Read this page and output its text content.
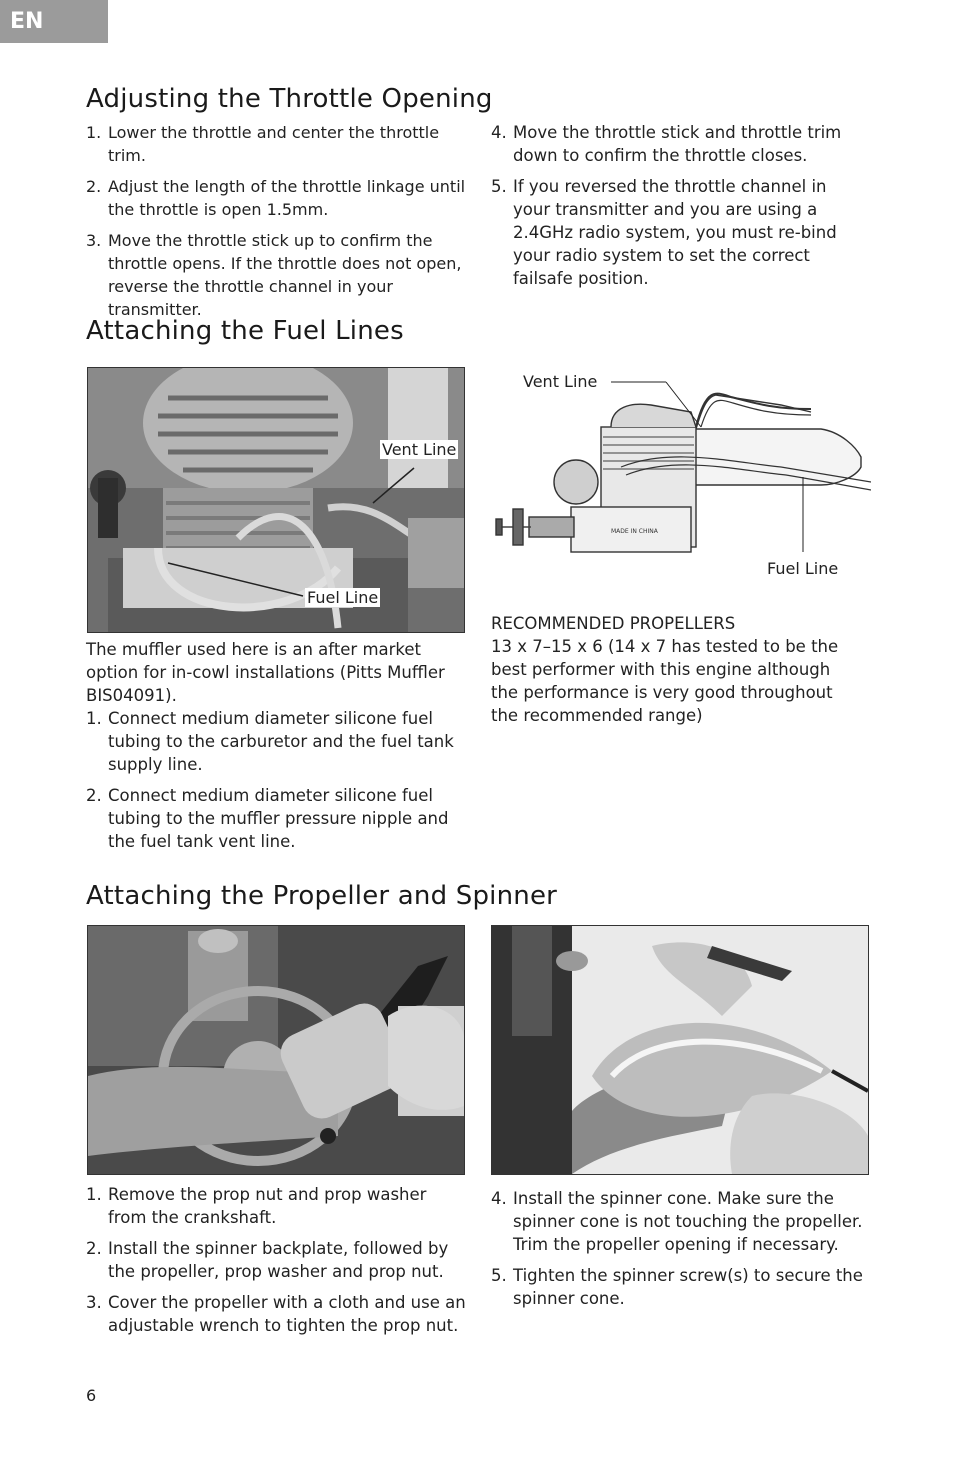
EN
Adjusting the Throttle Opening
1. Lower the throttle and center the throttle trim.
2. Adjust the length of the throttle linkage until the throttle is open 1.5mm.
3. Move the throttle stick up to confirm the throttle opens. If the throttle does not open, reverse the throttle channel in your transmitter.
4. Move the throttle stick and throttle trim down to confirm the throttle closes.
5. If you reversed the throttle channel in your transmitter and you are using a 2.4GHz radio system, you must re-bind your radio system to set the correct failsafe position.
Attaching the Fuel Lines
Vent Line
Fuel Line
MADE IN CHINA
Vent Line
Fuel Line
The muffler used here is an after market option for in-cowl installations (Pitts Muffler BIS04091).
1. Connect medium diameter silicone fuel tubing to the carburetor and the fuel tank supply line.
2. Connect medium diameter silicone fuel tubing to the muffler pressure nipple and the fuel tank vent line.
RECOMMENDED PROPELLERS
13 x 7–15 x 6 (14 x 7 has tested to be the best performer with this engine although the performance is very good throughout the recommended range)
Attaching the Propeller and Spinner
1. Remove the prop nut and prop washer from the crankshaft.
2. Install the spinner backplate, followed by the propeller, prop washer and prop nut.
3. Cover the propeller with a cloth and use an adjustable wrench to tighten the prop nut.
4. Install the spinner cone. Make sure the spinner cone is not touching the propeller. Trim the propeller opening if necessary.
5. Tighten the spinner screw(s) to secure the spinner cone.
6
